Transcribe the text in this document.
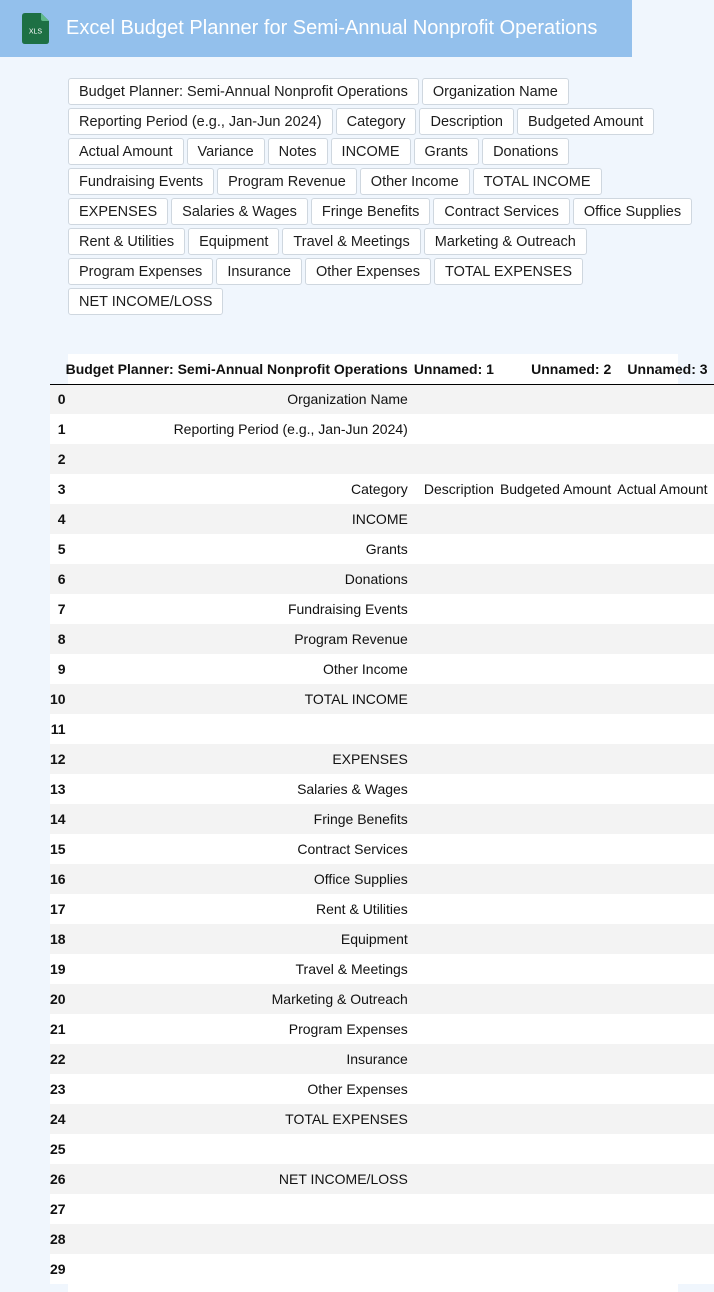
XLS Excel Budget Planner for Semi-Annual Nonprofit Operations
Budget Planner: Semi-Annual Nonprofit Operations	Organization Name
Reporting Period (e.g., Jan-Jun 2024)	Category	Description	Budgeted Amount
Actual Amount	Variance	Notes	INCOME	Grants	Donations
Fundraising Events	Program Revenue	Other Income	TOTAL INCOME
EXPENSES	Salaries & Wages	Fringe Benefits	Contract Services	Office Supplies
Rent & Utilities	Equipment	Travel & Meetings	Marketing & Outreach
Program Expenses	Insurance	Other Expenses	TOTAL EXPENSES
NET INCOME/LOSS
	Budget Planner: Semi-Annual Nonprofit Operations	Unnamed: 1	Unnamed: 2	Unnamed: 3
0	Organization Name			
1	Reporting Period (e.g., Jan-Jun 2024)			
2				
3	Category	Description	Budgeted Amount	Actual Amount
4	INCOME			
5	Grants			
6	Donations			
7	Fundraising Events			
8	Program Revenue			
9	Other Income			
10	TOTAL INCOME			
11				
12	EXPENSES			
13	Salaries & Wages			
14	Fringe Benefits			
15	Contract Services			
16	Office Supplies			
17	Rent & Utilities			
18	Equipment			
19	Travel & Meetings			
20	Marketing & Outreach			
21	Program Expenses			
22	Insurance			
23	Other Expenses			
24	TOTAL EXPENSES			
25				
26	NET INCOME/LOSS			
27				
28				
29				
